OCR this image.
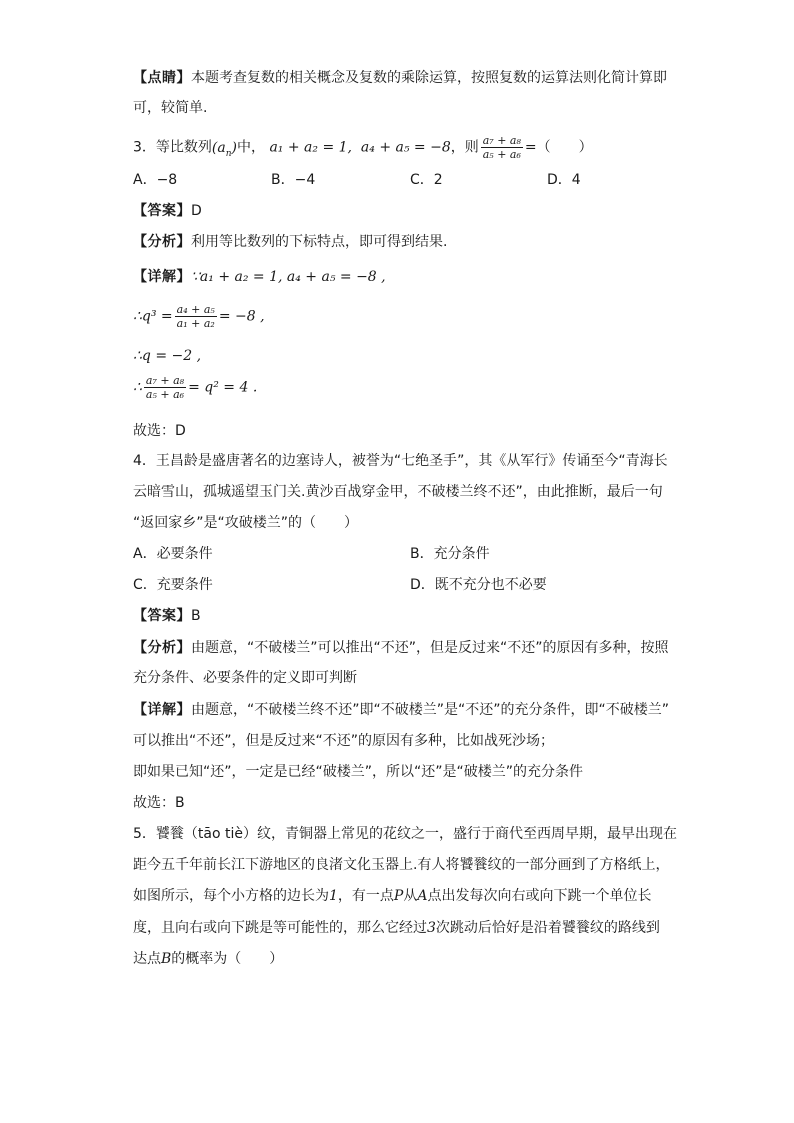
【点睛】本题考查复数的相关概念及复数的乘除运算，按照复数的运算法则化简计算即
可，较简单.
3．等比数列$(a_n)$中， a₁ + a₂ = 1, a₄ + a₅ = −8，则 $\frac{\text{a₇ + a₈}}{\text{a₅ + a₆}}$ =（　　）
A．−8	B．−4	C．2	D．4
【答案】D
【分析】利用等比数列的下标特点，即可得到结果.
【详解】∵a₁ + a₂ = 1, a₄ + a₅ = −8 ,
∴q³ = $\frac{\text{a₄ + a₅}}{\text{a₁ + a₂}} = -8$ ,
∴q = −2 ,
∴ $\frac{\text{a₇ + a₈}}{\text{a₅ + a₆}} = q^2 = 4$ .
故选：D
4．王昌龄是盛唐著名的边塞诗人，被誉为“七绝圣手”，其《从军行》传诵至今“青海长
云暗雪山，孤城遥望玉门关.黄沙百战穿金甲，不破楼兰终不还”，由此推断，最后一句
“返回家乡”是“攻破楼兰”的（　　）
A．必要条件	B．充分条件
C．充要条件	D．既不充分也不必要
【答案】B
【分析】由题意，“不破楼兰”可以推出“不还”，但是反过来“不还”的原因有多种，按照
充分条件、必要条件的定义即可判断
【详解】由题意，“不破楼兰终不还”即“不破楼兰”是“不还”的充分条件，即“不破楼兰”
可以推出“不还”，但是反过来“不还”的原因有多种，比如战死沙场；
即如果已知“还”，一定是已经“破楼兰”，所以“还”是“破楼兰”的充分条件
故选：B
5．饕餮（tāo tiè）纹，青铜器上常见的花纹之一，盛行于商代至西周早期，最早出现在
距今五千年前长江下游地区的良渚文化玉器上.有人将饕餮纹的一部分画到了方格纸上，
如图所示，每个小方格的边长为1，有一点P从A点出发每次向右或向下跳一个单位长
度，且向右或向下跳是等可能性的，那么它经过3次跳动后恰好是沿着饕餮纹的路线到
达点B的概率为（　　）
